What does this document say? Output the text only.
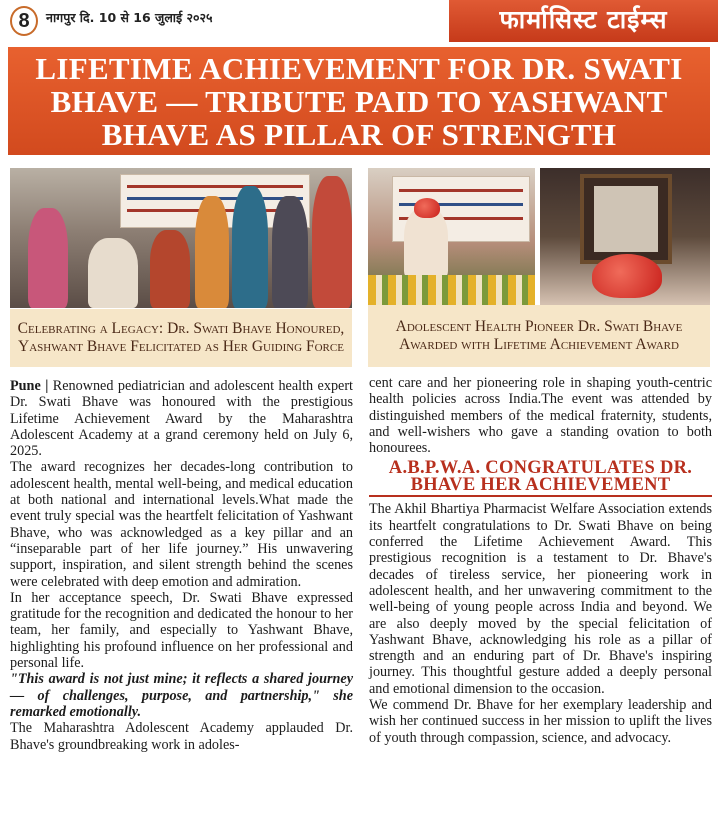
8	नागपुर दि. 10 से 16 जुलाई २०२५	फार्मासिस्ट टाईम्स
LIFETIME ACHIEVEMENT FOR DR. SWATI BHAVE — TRIBUTE PAID TO YASHWANT BHAVE AS PILLAR OF STRENGTH
Celebrating a Legacy: Dr. Swati Bhave Honoured, Yashwant Bhave Felicitated as Her Guiding Force
Adolescent Health Pioneer Dr. Swati Bhave Awarded with Lifetime Achievement Award

Pune | Renowned pediatrician and adolescent health expert Dr. Swati Bhave was honoured with the prestigious Lifetime Achievement Award by the Maharashtra Adolescent Academy at a grand ceremony held on July 6, 2025.

The award recognizes her decades-long contribution to adolescent health, mental well-being, and medical education at both national and international levels.What made the event truly special was the heartfelt felicitation of Yashwant Bhave, who was acknowledged as a key pillar and an “inseparable part of her life journey.” His unwavering support, inspiration, and silent strength behind the scenes were celebrated with deep emotion and admiration.

In her acceptance speech, Dr. Swati Bhave expressed gratitude for the recognition and dedicated the honour to her team, her family, and especially to Yashwant Bhave, highlighting his profound influence on her professional and personal life.

"This award is not just mine; it reflects a shared journey — of challenges, purpose, and partnership," she remarked emotionally.

The Maharashtra Adolescent Academy applauded Dr. Bhave's groundbreaking work in adoles-

cent care and her pioneering role in shaping youth-centric health policies across India.The event was attended by distinguished members of the medical fraternity, students, and well-wishers who gave a standing ovation to both honourees.

A.B.P.W.A. CONGRATULATES DR. BHAVE HER ACHIEVEMENT

The Akhil Bhartiya Pharmacist Welfare Association extends its heartfelt congratulations to Dr. Swati Bhave on being conferred the Lifetime Achievement Award. This prestigious recognition is a testament to Dr. Bhave's decades of tireless service, her pioneering work in adolescent health, and her unwavering commitment to the well-being of young people across India and beyond. We are also deeply moved by the special felicitation of Yashwant Bhave, acknowledging his role as a pillar of strength and an enduring part of Dr. Bhave's inspiring journey. This thoughtful gesture added a deeply personal and emotional dimension to the occasion.

We commend Dr. Bhave for her exemplary leadership and wish her continued success in her mission to uplift the lives of youth through compassion, science, and advocacy.
